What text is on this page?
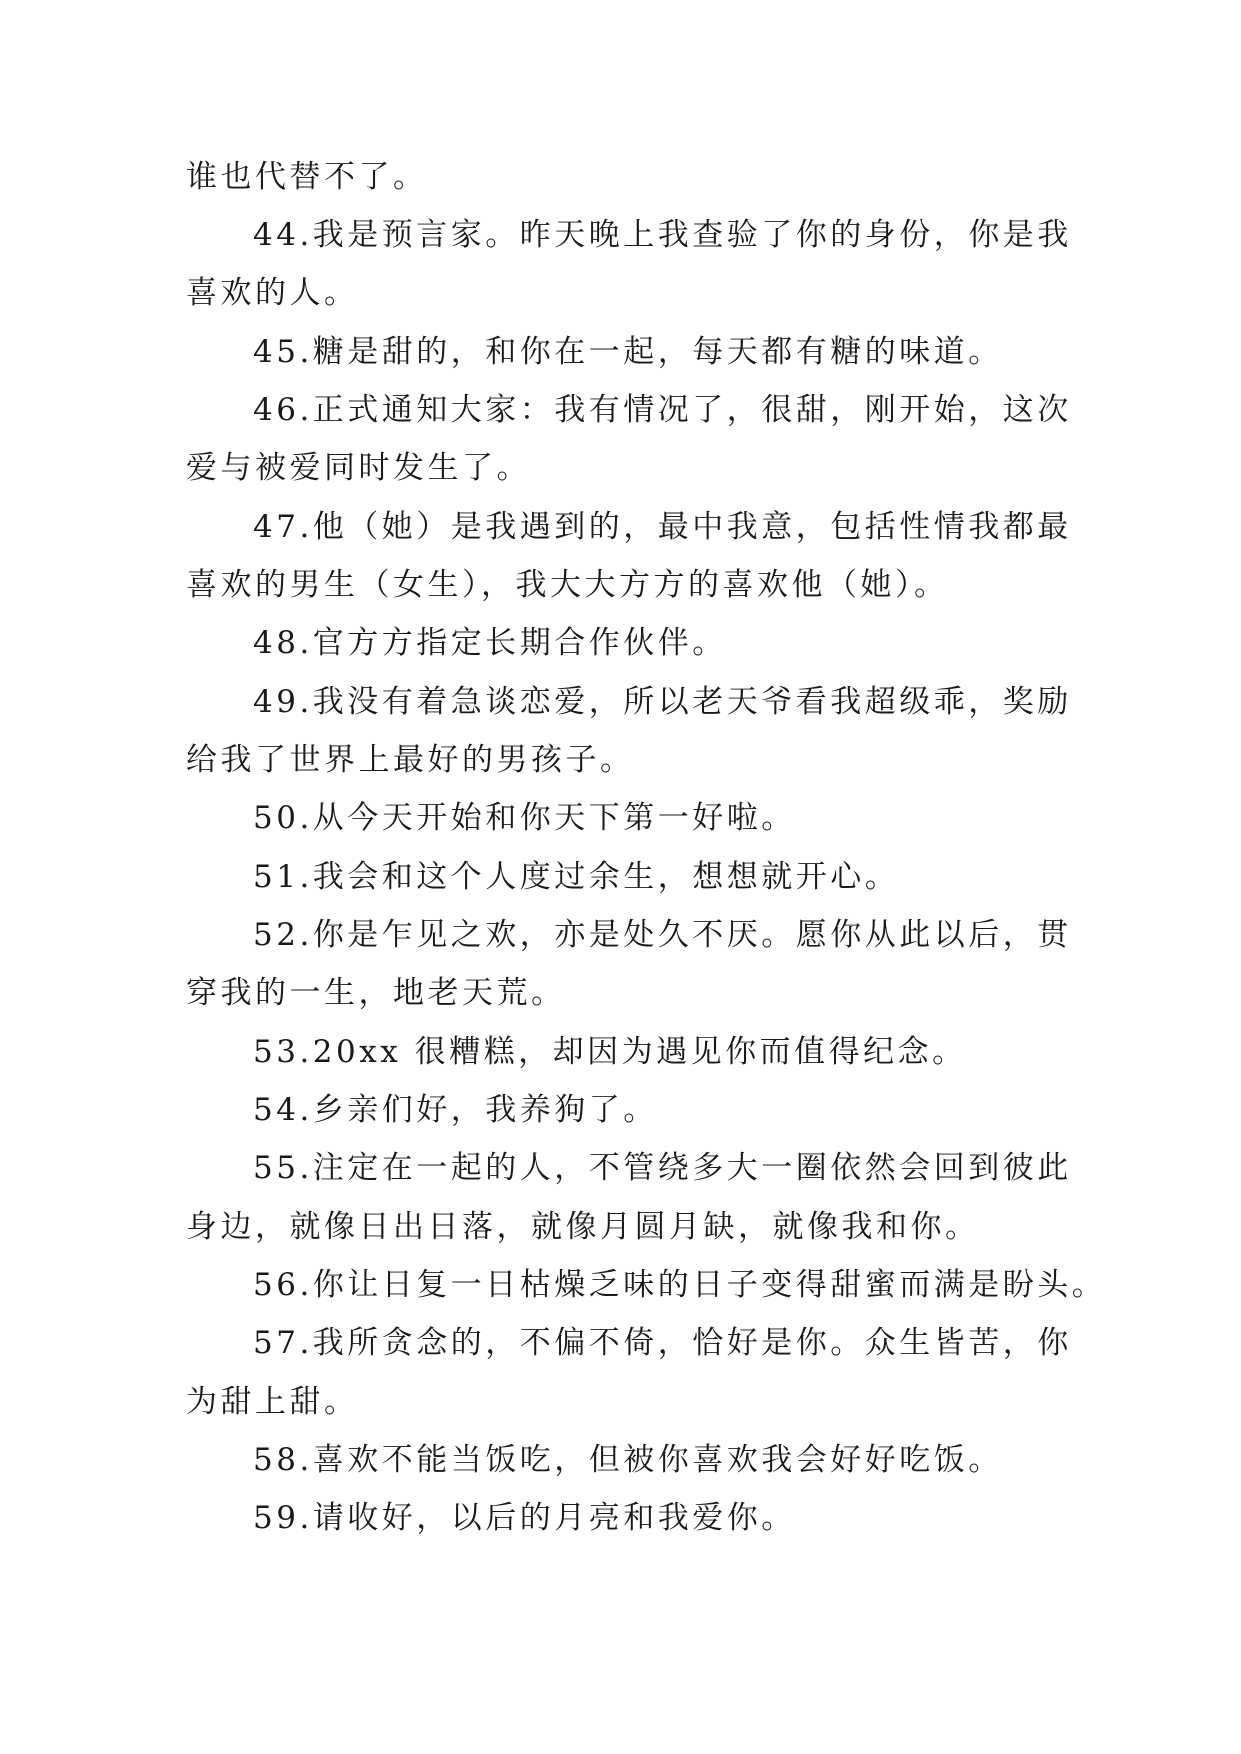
谁也代替不了。
44.我是预言家。昨天晚上我查验了你的身份，你是我
喜欢的人。
45.糖是甜的，和你在一起，每天都有糖的味道。
46.正式通知大家：我有情况了，很甜，刚开始，这次
爱与被爱同时发生了。
47.他（她）是我遇到的，最中我意，包括性情我都最
喜欢的男生（女生），我大大方方的喜欢他（她）。
48.官方方指定长期合作伙伴。
49.我没有着急谈恋爱，所以老天爷看我超级乖，奖励
给我了世界上最好的男孩子。
50.从今天开始和你天下第一好啦。
51.我会和这个人度过余生，想想就开心。
52.你是乍见之欢，亦是处久不厌。愿你从此以后，贯
穿我的一生，地老天荒。
53.20xx 很糟糕，却因为遇见你而值得纪念。
54.乡亲们好，我养狗了。
55.注定在一起的人，不管绕多大一圈依然会回到彼此
身边，就像日出日落，就像月圆月缺，就像我和你。
56.你让日复一日枯燥乏味的日子变得甜蜜而满是盼头。
57.我所贪念的，不偏不倚，恰好是你。众生皆苦，你
为甜上甜。
58.喜欢不能当饭吃，但被你喜欢我会好好吃饭。
59.请收好，以后的月亮和我爱你。
